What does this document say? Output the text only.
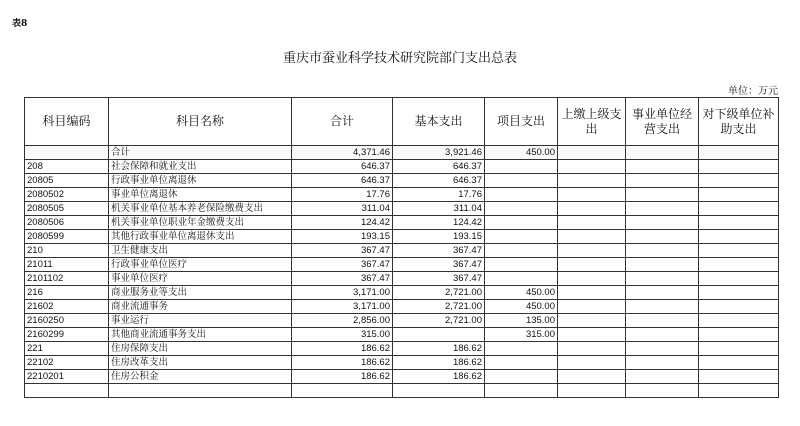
表8
重庆市蚕业科学技术研究院部门支出总表
单位：万元
科目编码	科目名称	合计	基本支出	项目支出	上缴上级支出	事业单位经营支出	对下级单位补助支出
	合计	4,371.46	3,921.46	450.00			
208	社会保障和就业支出	646.37	646.37				
20805	行政事业单位离退休	646.37	646.37				
2080502	事业单位离退休	17.76	17.76				
2080505	机关事业单位基本养老保险缴费支出	311.04	311.04				
2080506	机关事业单位职业年金缴费支出	124.42	124.42				
2080599	其他行政事业单位离退休支出	193.15	193.15				
210	卫生健康支出	367.47	367.47				
21011	行政事业单位医疗	367.47	367.47				
2101102	事业单位医疗	367.47	367.47				
216	商业服务业等支出	3,171.00	2,721.00	450.00			
21602	商业流通事务	3,171.00	2,721.00	450.00			
2160250	事业运行	2,856.00	2,721.00	135.00			
2160299	其他商业流通事务支出	315.00		315.00			
221	住房保障支出	186.62	186.62				
22102	住房改革支出	186.62	186.62				
2210201	住房公积金	186.62	186.62				
